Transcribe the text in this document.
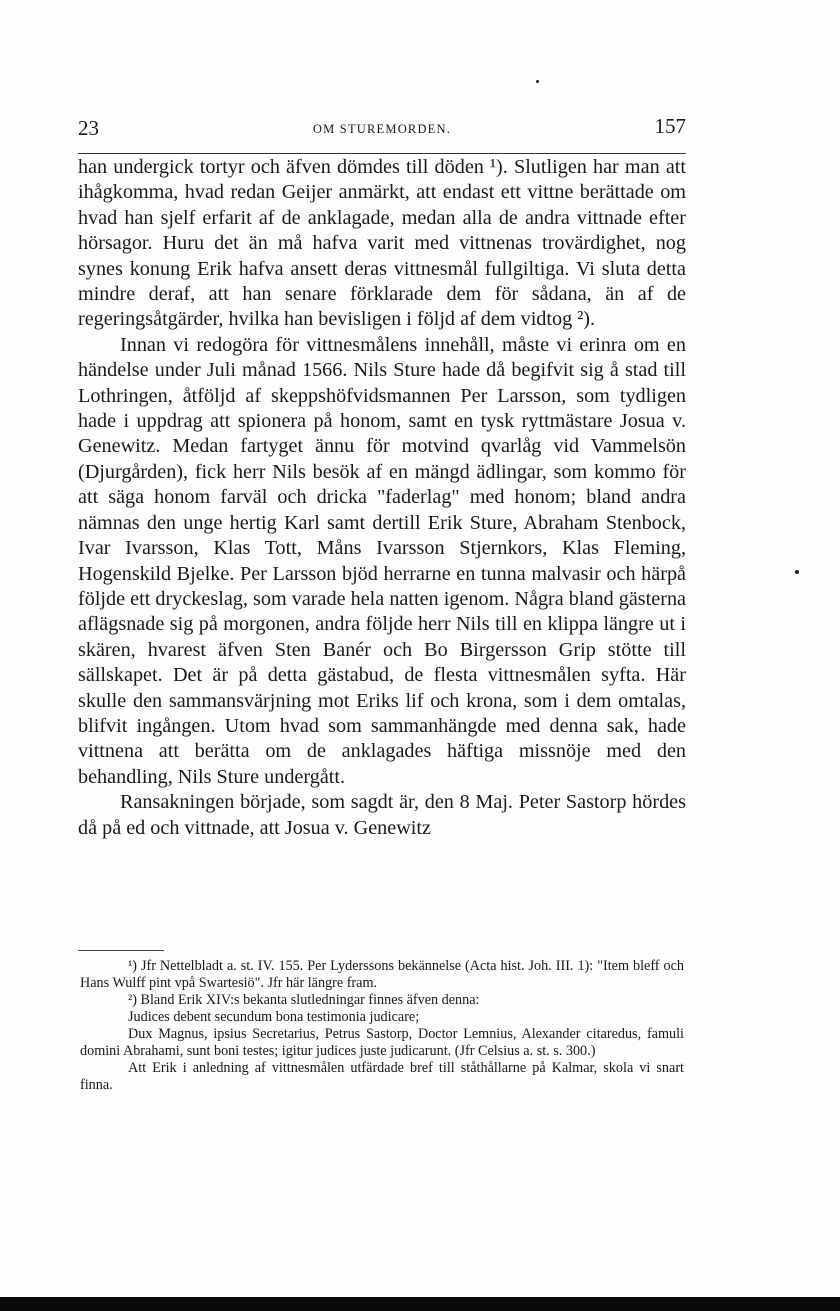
23	OM STUREMORDEN.	157

han undergick tortyr och äfven dömdes till döden ¹). Slutligen har man att ihågkomma, hvad redan Geijer anmärkt, att endast ett vittne berättade om hvad han sjelf erfarit af de anklagade, medan alla de andra vittnade efter hörsagor. Huru det än må hafva varit med vittnenas trovärdighet, nog synes konung Erik hafva ansett deras vittnesmål fullgiltiga. Vi sluta detta mindre deraf, att han senare förklarade dem för sådana, än af de regeringsåtgärder, hvilka han bevisligen i följd af dem vidtog ²).

Innan vi redogöra för vittnesmålens innehåll, måste vi erinra om en händelse under Juli månad 1566. Nils Sture hade då begifvit sig å stad till Lothringen, åtföljd af skeppshöfvidsmannen Per Larsson, som tydligen hade i uppdrag att spionera på honom, samt en tysk ryttmästare Josua v. Genewitz. Medan fartyget ännu för motvind qvarlåg vid Vammelsön (Djurgården), fick herr Nils besök af en mängd ädlingar, som kommo för att säga honom farväl och dricka "faderlag" med honom; bland andra nämnas den unge hertig Karl samt dertill Erik Sture, Abraham Stenbock, Ivar Ivarsson, Klas Tott, Måns Ivarsson Stjernkors, Klas Fleming, Hogenskild Bjelke. Per Larsson bjöd herrarne en tunna malvasir och härpå följde ett dryckeslag, som varade hela natten igenom. Några bland gästerna aflägsnade sig på morgonen, andra följde herr Nils till en klippa längre ut i skären, hvarest äfven Sten Banér och Bo Birgersson Grip stötte till sällskapet. Det är på detta gästabud, de flesta vittnesmålen syfta. Här skulle den sammansvärjning mot Eriks lif och krona, som i dem omtalas, blifvit ingången. Utom hvad som sammanhängde med denna sak, hade vittnena att berätta om de anklagades häftiga missnöje med den behandling, Nils Sture undergått.

Ransakningen började, som sagdt är, den 8 Maj. Peter Sastorp hördes då på ed och vittnade, att Josua v. Genewitz

¹) Jfr Nettelbladt a. st. IV. 155. Per Lyderssons bekännelse (Acta hist. Joh. III. 1): "Item bleff och Hans Wulff pint vpå Swartesiö". Jfr här längre fram.

²) Bland Erik XIV:s bekanta slutledningar finnes äfven denna:

Judices debent secundum bona testimonia judicare;

Dux Magnus, ipsius Secretarius, Petrus Sastorp, Doctor Lemnius, Alexander citaredus, famuli domini Abrahami, sunt boni testes; igitur judices juste judicarunt. (Jfr Celsius a. st. s. 300.)

Att Erik i anledning af vittnesmålen utfärdade bref till ståthållarne på Kalmar, skola vi snart finna.
